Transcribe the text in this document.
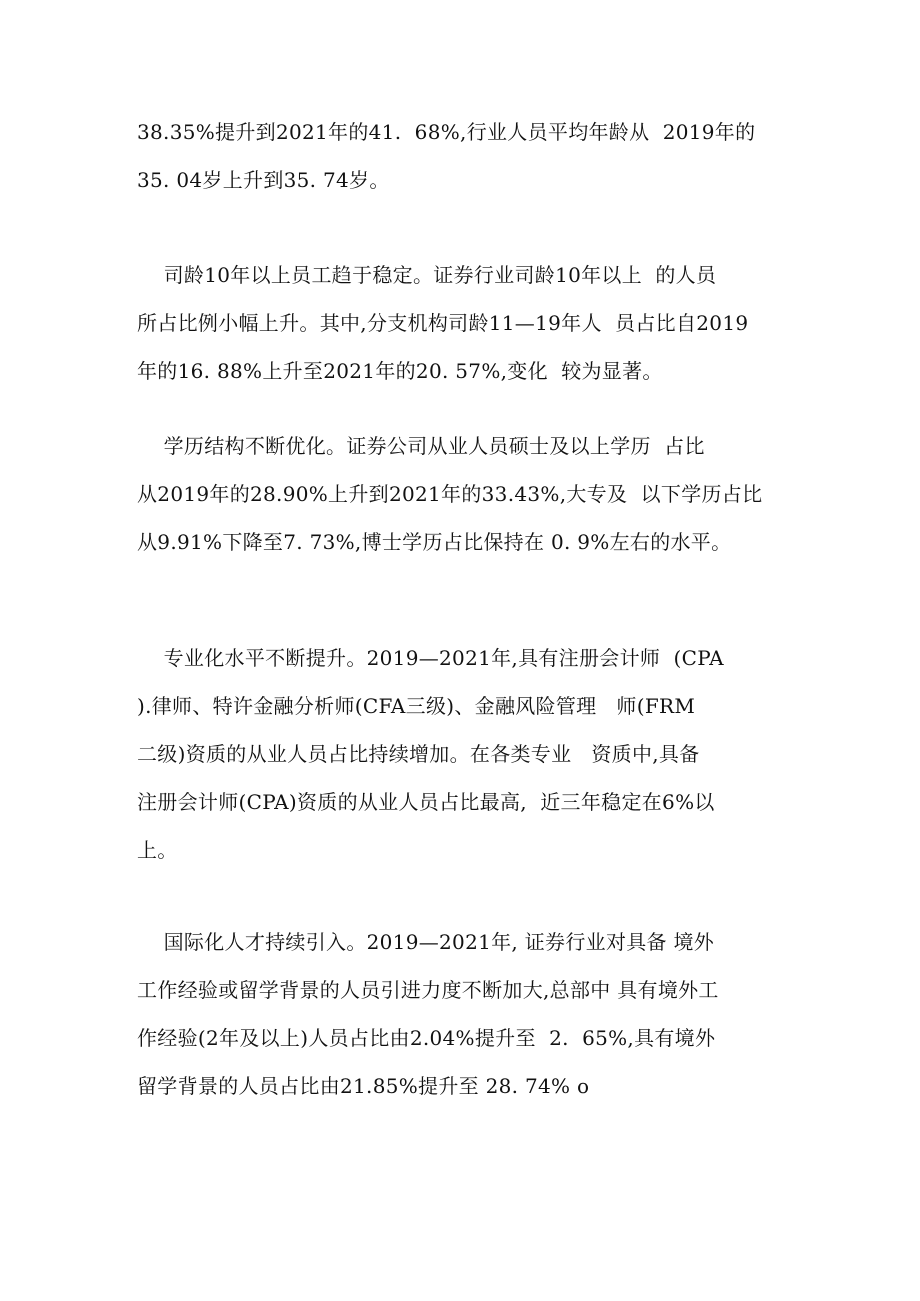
38.35%提升到2021年的41.  68%,行业人员平均年龄从  2019年的
35. 04岁上升到35. 74岁。

司龄10年以上员工趋于稳定。证券行业司龄10年以上  的人员
所占比例小幅上升。其中,分支机构司龄11—19年人  员占比自2019
年的16. 88%上升至2021年的20. 57%,变化  较为显著。

学历结构不断优化。证券公司从业人员硕士及以上学历  占比
从2019年的28.90%上升到2021年的33.43%,大专及  以下学历占比
从9.91%下降至7. 73%,博士学历占比保持在 0. 9%左右的水平。

专业化水平不断提升。2019—2021年,具有注册会计师  (CPA
).律师、特许金融分析师(CFA三级)、金融风险管理   师(FRM
二级)资质的从业人员占比持续增加。在各类专业   资质中,具备
注册会计师(CPA)资质的从业人员占比最高,  近三年稳定在6%以
上。

国际化人才持续引入。2019—2021年, 证券行业对具备 境外
工作经验或留学背景的人员引进力度不断加大,总部中 具有境外工
作经验(2年及以上)人员占比由2.04%提升至  2.  65%,具有境外
留学背景的人员占比由21.85%提升至 28. 74% o
